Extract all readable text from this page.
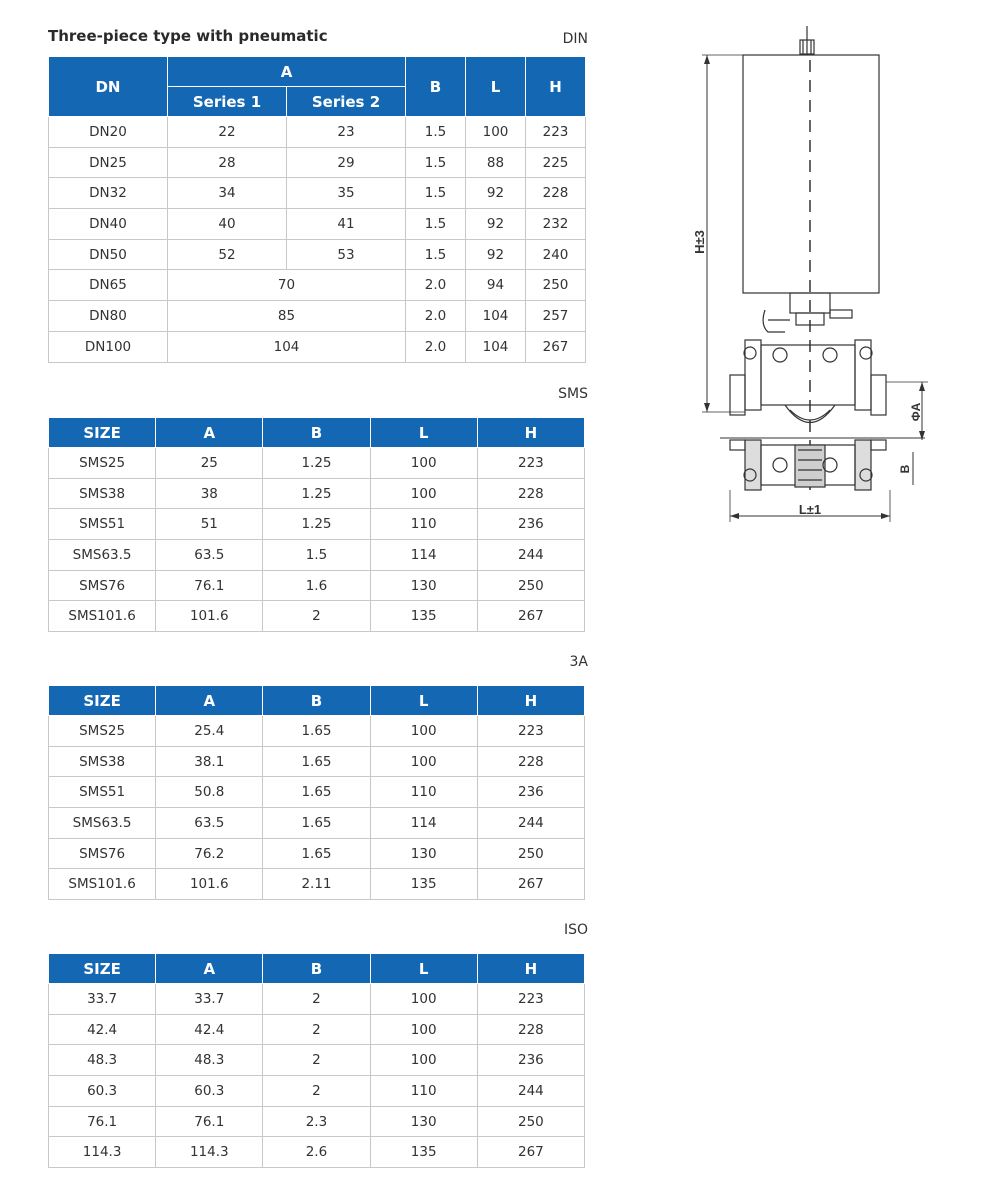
Three-piece type with pneumatic	DIN
DN	A		B	L	H
	Series 1	Series 2			
DN20	22	23	1.5	100	223
DN25	28	29	1.5	88	225
DN32	34	35	1.5	92	228
DN40	40	41	1.5	92	232
DN50	52	53	1.5	92	240
DN65	70		2.0	94	250
DN80	85		2.0	104	257
DN100	104		2.0	104	267
SMS
SIZE	A	B	L	H
SMS25	25	1.25	100	223
SMS38	38	1.25	100	228
SMS51	51	1.25	110	236
SMS63.5	63.5	1.5	114	244
SMS76	76.1	1.6	130	250
SMS101.6	101.6	2	135	267
3A
SIZE	A	B	L	H
SMS25	25.4	1.65	100	223
SMS38	38.1	1.65	100	228
SMS51	50.8	1.65	110	236
SMS63.5	63.5	1.65	114	244
SMS76	76.2	1.65	130	250
SMS101.6	101.6	2.11	135	267
ISO
SIZE	A	B	L	H
33.7	33.7	2	100	223
42.4	42.4	2	100	228
48.3	48.3	2	100	236
60.3	60.3	2	110	244
76.1	76.1	2.3	130	250
114.3	114.3	2.6	135	267
H±3
ΦA
B
L±1
